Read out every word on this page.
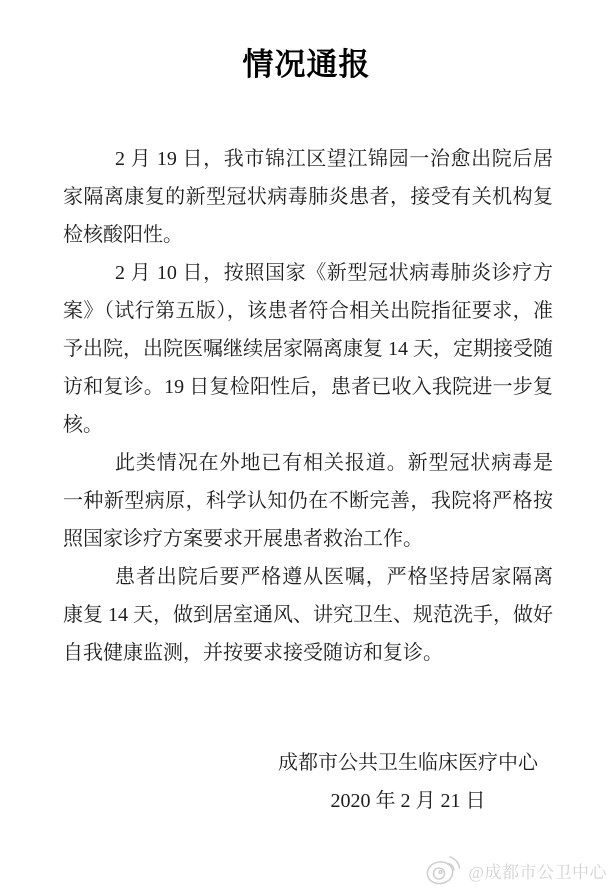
情况通报

2 月 19 日，我市锦江区望江锦园一治愈出院后居家隔离康复的新型冠状病毒肺炎患者，接受有关机构复检核酸阳性。

2 月 10 日，按照国家《新型冠状病毒肺炎诊疗方案》（试行第五版），该患者符合相关出院指征要求，准予出院，出院医嘱继续居家隔离康复 14 天，定期接受随访和复诊。19 日复检阳性后，患者已收入我院进一步复核。

此类情况在外地已有相关报道。新型冠状病毒是一种新型病原，科学认知仍在不断完善，我院将严格按照国家诊疗方案要求开展患者救治工作。

患者出院后要严格遵从医嘱，严格坚持居家隔离康复 14 天，做到居室通风、讲究卫生、规范洗手，做好自我健康监测，并按要求接受随访和复诊。

成都市公共卫生临床医疗中心
2020 年 2 月 21 日
@成都市公卫中心
